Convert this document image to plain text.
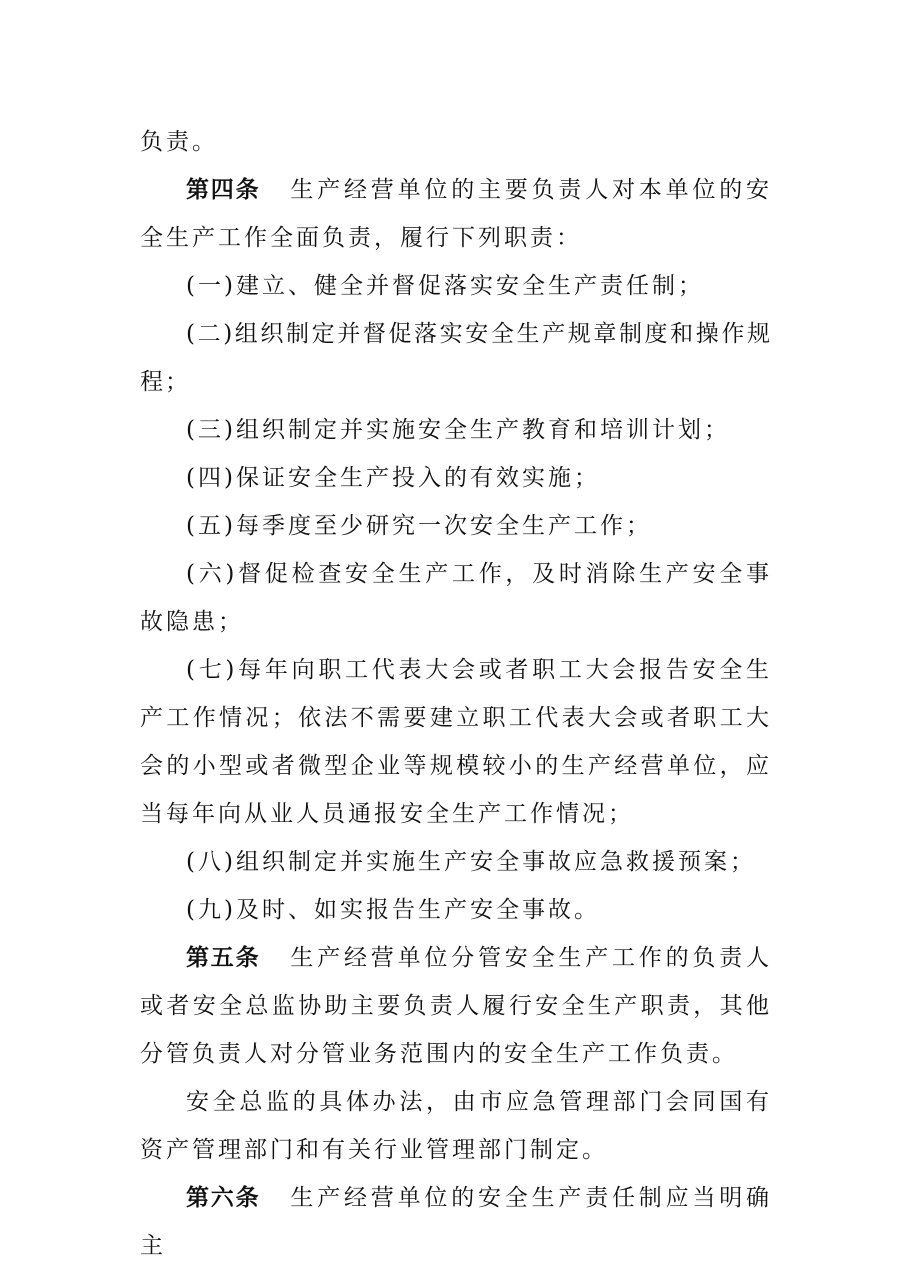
负责。

第四条 生产经营单位的主要负责人对本单位的安全生产工作全面负责，履行下列职责：

(一)建立、健全并督促落实安全生产责任制；

(二)组织制定并督促落实安全生产规章制度和操作规程；

(三)组织制定并实施安全生产教育和培训计划；

(四)保证安全生产投入的有效实施；

(五)每季度至少研究一次安全生产工作；

(六)督促检查安全生产工作，及时消除生产安全事故隐患；

(七)每年向职工代表大会或者职工大会报告安全生产工作情况；依法不需要建立职工代表大会或者职工大会的小型或者微型企业等规模较小的生产经营单位，应当每年向从业人员通报安全生产工作情况；

(八)组织制定并实施生产安全事故应急救援预案；

(九)及时、如实报告生产安全事故。

第五条 生产经营单位分管安全生产工作的负责人或者安全总监协助主要负责人履行安全生产职责，其他分管负责人对分管业务范围内的安全生产工作负责。

安全总监的具体办法，由市应急管理部门会同国有资产管理部门和有关行业管理部门制定。

第六条 生产经营单位的安全生产责任制应当明确主
